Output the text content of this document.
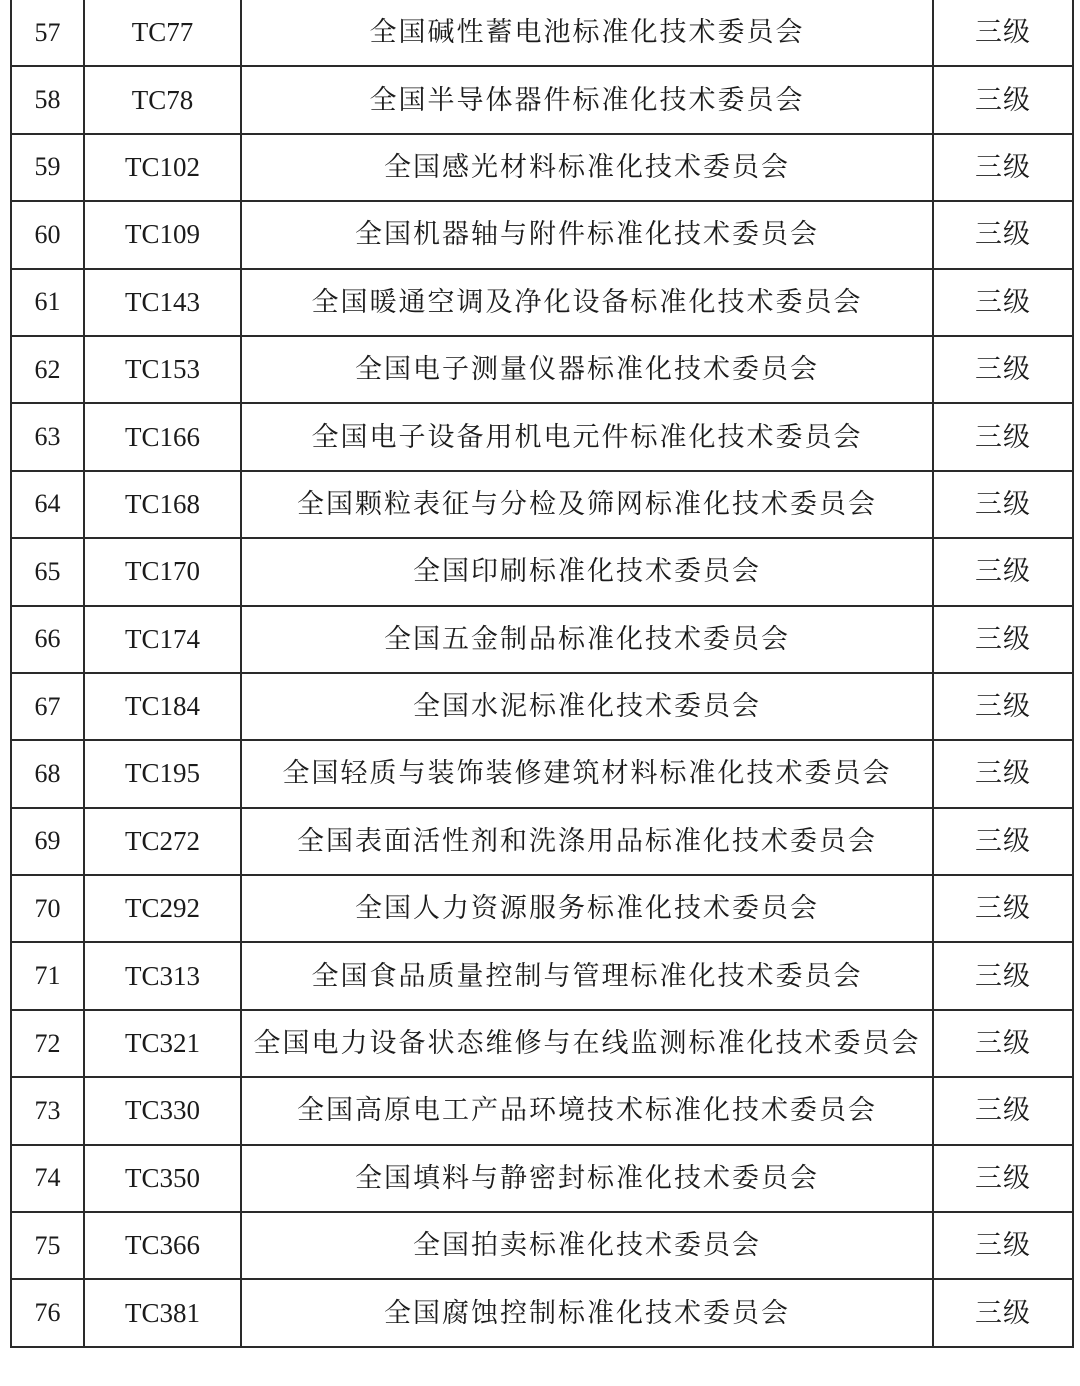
57	TC77	全国碱性蓄电池标准化技术委员会	三级
58	TC78	全国半导体器件标准化技术委员会	三级
59	TC102	全国感光材料标准化技术委员会	三级
60	TC109	全国机器轴与附件标准化技术委员会	三级
61	TC143	全国暖通空调及净化设备标准化技术委员会	三级
62	TC153	全国电子测量仪器标准化技术委员会	三级
63	TC166	全国电子设备用机电元件标准化技术委员会	三级
64	TC168	全国颗粒表征与分检及筛网标准化技术委员会	三级
65	TC170	全国印刷标准化技术委员会	三级
66	TC174	全国五金制品标准化技术委员会	三级
67	TC184	全国水泥标准化技术委员会	三级
68	TC195	全国轻质与装饰装修建筑材料标准化技术委员会	三级
69	TC272	全国表面活性剂和洗涤用品标准化技术委员会	三级
70	TC292	全国人力资源服务标准化技术委员会	三级
71	TC313	全国食品质量控制与管理标准化技术委员会	三级
72	TC321	全国电力设备状态维修与在线监测标准化技术委员会	三级
73	TC330	全国高原电工产品环境技术标准化技术委员会	三级
74	TC350	全国填料与静密封标准化技术委员会	三级
75	TC366	全国拍卖标准化技术委员会	三级
76	TC381	全国腐蚀控制标准化技术委员会	三级
